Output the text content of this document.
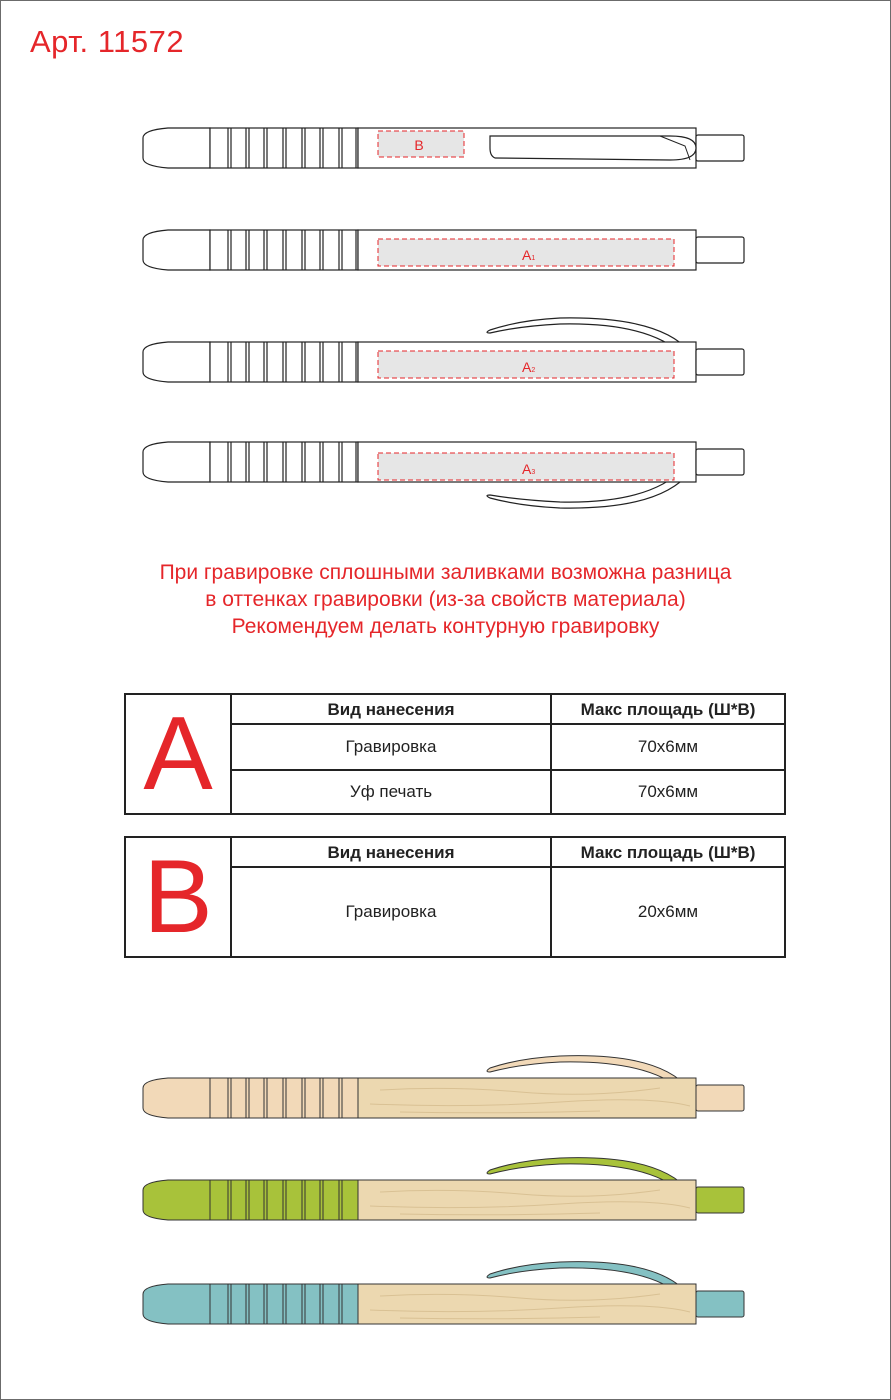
Арт. 11572
B
A1
A2
A3
При гравировке сплошными заливками возможна разница
в оттенках гравировки (из-за свойств материала)
Рекомендуем делать контурную гравировку
A	Вид нанесения	Макс площадь (Ш*В)
Гравировка	70x6мм
Уф печать	70x6мм
B	Вид нанесения	Макс площадь (Ш*В)
Гравировка	20x6мм
